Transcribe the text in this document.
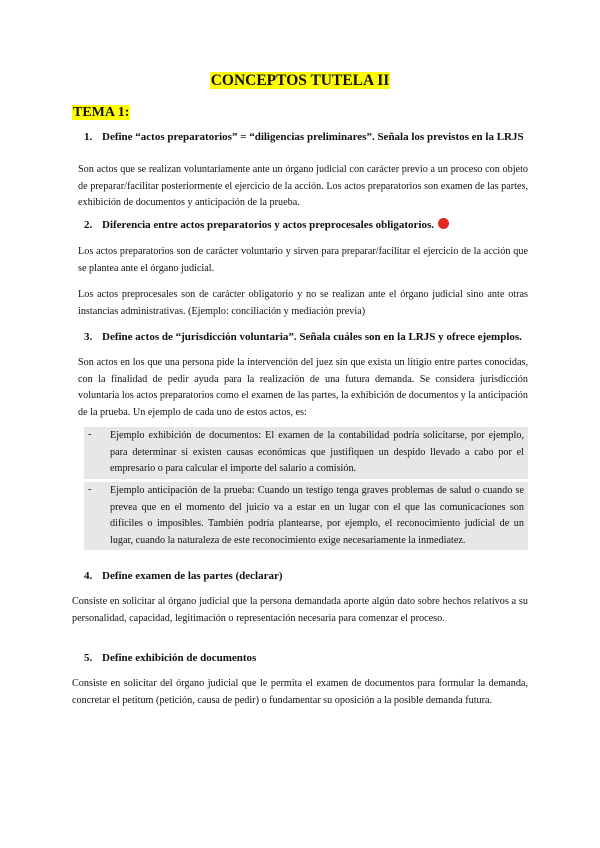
CONCEPTOS TUTELA II
TEMA 1:
1. Define “actos preparatorios” = “diligencias preliminares”. Señala los previstos en la LRJS
Son actos que se realizan voluntariamente ante un órgano judicial con carácter previo a un proceso con objeto de preparar/facilitar posteriormente el ejercicio de la acción. Los actos preparatorios son examen de las partes, exhibición de documentos y anticipación de la prueba.
2. Diferencia entre actos preparatorios y actos preprocesales obligatorios.
Los actos preparatorios son de carácter voluntario y sirven para preparar/facilitar el ejercicio de la acción que se plantea ante el órgano judicial.
Los actos preprocesales son de carácter obligatorio y no se realizan ante el órgano judicial sino ante otras instancias administrativas. (Ejemplo: conciliación y mediación previa)
3. Define actos de “jurisdicción voluntaria”. Señala cuáles son en la LRJS y ofrece ejemplos.
Son actos en los que una persona pide la intervención del juez sin que exista un litigio entre partes conocidas, con la finalidad de pedir ayuda para la realización de una futura demanda. Se considera jurisdicción voluntaria los actos preparatorios como el examen de las partes, la exhibición de documentos y la anticipación de la prueba. Un ejemplo de cada uno de estos actos, es:
- Ejemplo exhibición de documentos: El examen de la contabilidad podría solicitarse, por ejemplo, para determinar si existen causas económicas que justifiquen un despido llevado a cabo por el empresario o para calcular el importe del salario a comisión.
- Ejemplo anticipación de la prueba: Cuando un testigo tenga graves problemas de salud o cuando se prevea que en el momento del juicio va a estar en un lugar con el que las comunicaciones son difíciles o imposibles. También podría plantearse, por ejemplo, el reconocimiento judicial de un lugar, cuando la naturaleza de este reconocimiento exige necesariamente la inmediatez.
4. Define examen de las partes (declarar)
Consiste en solicitar al órgano judicial que la persona demandada aporte algún dato sobre hechos relativos a su personalidad, capacidad, legitimación o representación necesaria para comenzar el proceso.
5. Define exhibición de documentos
Consiste en solicitar del órgano judicial que le permita el examen de documentos para formular la demanda, concretar el petitum (petición, causa de pedir) o fundamentar su oposición a la posible demanda futura.
